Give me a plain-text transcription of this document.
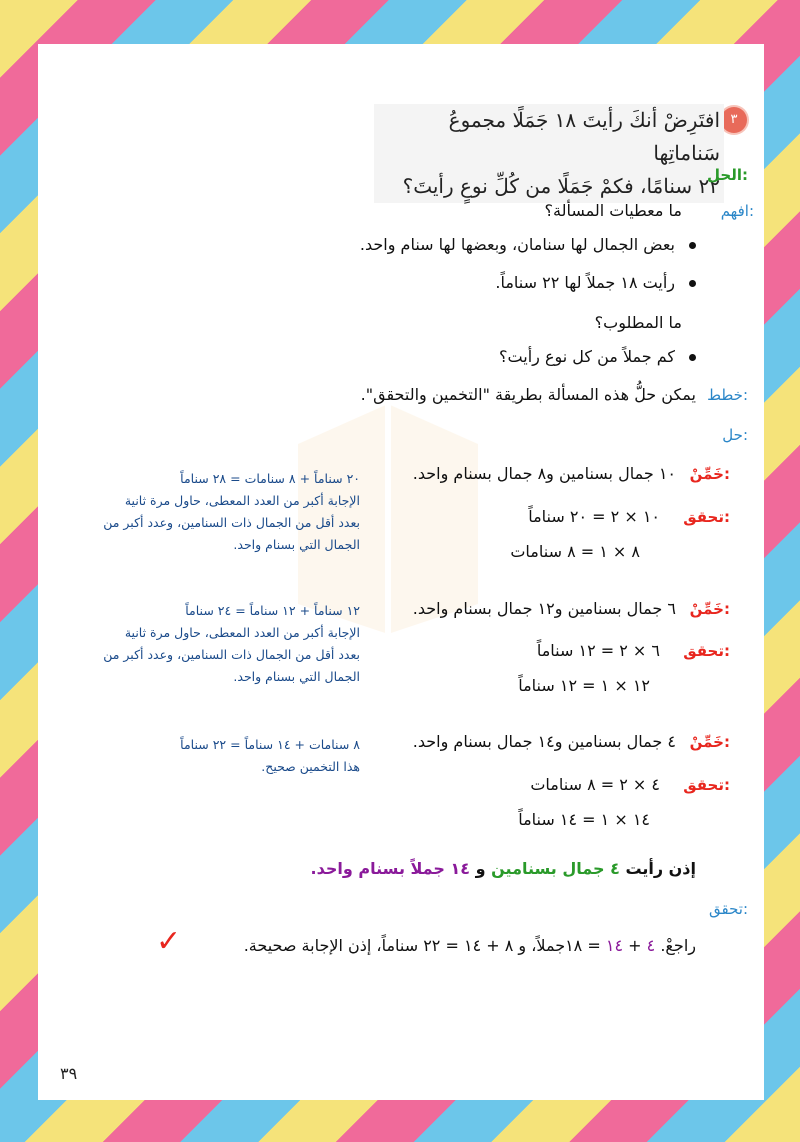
٣
افتَرِضْ أنكَ رأيتَ ١٨ جَمَلًا مجموعُ سَناماتِها
٢٢ سنامًا، فكمْ جَمَلًا من كُلِّ نوعٍ رأيتَ؟
الحل:
افهم:
ما معطيات المسألة؟
بعض الجمال لها سنامان، وبعضها لها سنام واحد.
رأيت ١٨ جملاً لها ٢٢ سناماً.
ما المطلوب؟
كم جملاً من كل نوع رأيت؟
خطط:
يمكن حلُّ هذه المسألة بطريقة "التخمين والتحقق".
حل:
خَمِّنْ:
١٠ جمال بسنامين و٨ جمال بسنام واحد.
تحقق:
١٠ × ٢ = ٢٠ سناماً
٨ × ١ = ٨ سنامات
٢٠ سناماً + ٨ سنامات = ٢٨ سناماً
الإجابة أكبر من العدد المعطى، حاول مرة ثانية
بعدد أقل من الجمال ذات السنامين، وعدد أكبر من
الجمال التي بسنام واحد.
خَمِّنْ:
٦ جمال بسنامين و١٢ جمال بسنام واحد.
تحقق:
٦ × ٢ = ١٢ سناماً
١٢ × ١ = ١٢ سناماً
١٢ سناماً + ١٢ سناماً = ٢٤ سناماً
الإجابة أكبر من العدد المعطى، حاول مرة ثانية
بعدد أقل من الجمال ذات السنامين، وعدد أكبر من
الجمال التي بسنام واحد.
خَمِّنْ:
٤ جمال بسنامين و١٤ جمال بسنام واحد.
تحقق:
٤ × ٢ = ٨ سنامات
١٤ × ١ = ١٤ سناماً
٨ سنامات + ١٤ سناماً = ٢٢ سناماً
هذا التخمين صحيح.
إذن رأيت ٤ جمال بسنامين و ١٤ جملاً بسنام واحد.
تحقق:
راجعْ. ٤ + ١٤ = ١٨جملاً، و ٨ + ١٤ = ٢٢ سناماً، إذن الإجابة صحيحة.
✓
٣٩
